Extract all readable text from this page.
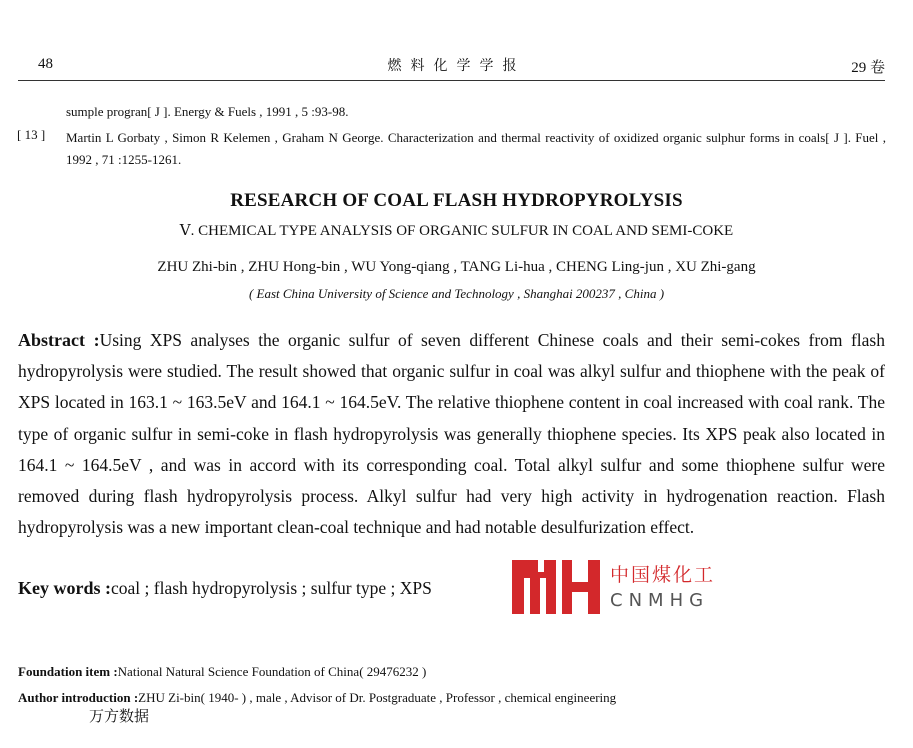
48	燃料化学学报	29 卷
sumple progran[ J ]. Energy & Fuels , 1991 , 5 :93-98.
[ 13 ] Martin L Gorbaty , Simon R Kelemen , Graham N George. Characterization and thermal reactivity of oxidized organic sulphur forms in coals[ J ]. Fuel , 1992 , 71 :1255-1261.
RESEARCH OF COAL FLASH HYDROPYROLYSIS
Ⅴ. CHEMICAL TYPE ANALYSIS OF ORGANIC SULFUR IN COAL AND SEMI-COKE
ZHU Zhi-bin , ZHU Hong-bin , WU Yong-qiang , TANG Li-hua , CHENG Ling-jun , XU Zhi-gang
( East China University of Science and Technology , Shanghai 200237 , China )
Abstract :Using XPS analyses the organic sulfur of seven different Chinese coals and their semi-cokes from flash hydropyrolysis were studied. The result showed that organic sulfur in coal was alkyl sulfur and thiophene with the peak of XPS located in 163.1 ~ 163.5eV and 164.1 ~ 164.5eV. The relative thiophene content in coal increased with coal rank. The type of organic sulfur in semi-coke in flash hydropyrolysis was generally thiophene species. Its XPS peak also located in 164.1 ~ 164.5eV , and was in accord with its corresponding coal. Total alkyl sulfur and some thiophene sulfur were removed during flash hydropyrolysis process. Alkyl sulfur had very high activity in hydrogenation reaction. Flash hydropyrolysis was a new important clean-coal technique and had notable desulfurization effect.
Key words :coal ; flash hydropyrolysis ; sulfur type ; XPS
中国煤化工
CNMHG
Foundation item :National Natural Science Foundation of China( 29476232 )
Author introduction :ZHU Zi-bin( 1940- ) , male , Advisor of Dr. Postgraduate , Professor , chemical engineering
万方数据
